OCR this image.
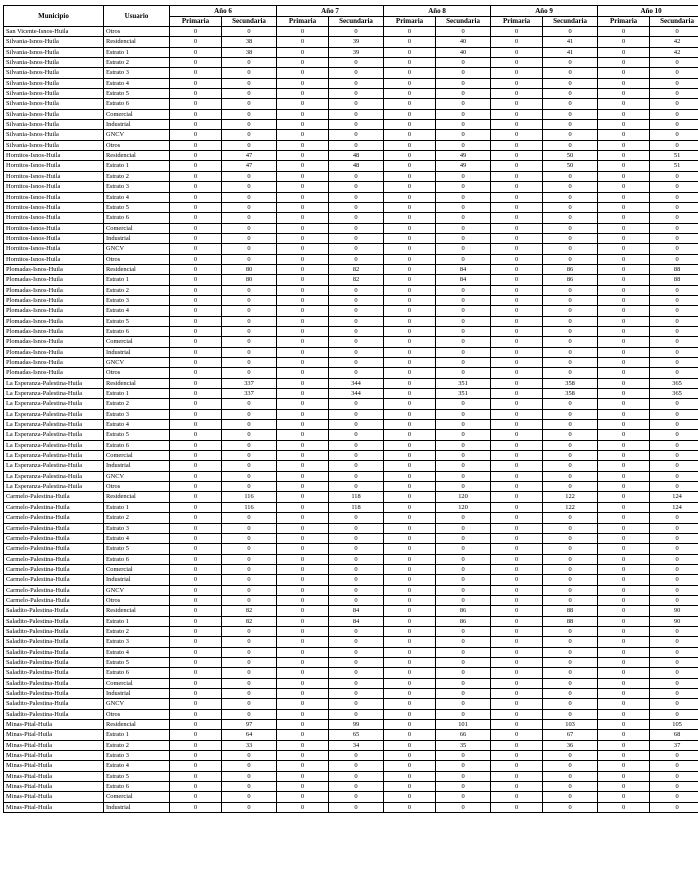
Municipio	Usuario	Año 6		Año 7		Año 8		Año 9		Año 10	
		Primaria	Secundaria	Primaria	Secundaria	Primaria	Secundaria	Primaria	Secundaria	Primaria	Secundaria
San Vicente-Isnos-Huila	Otros	0	0	0	0	0	0	0	0	0	0
Silvania-Isnos-Huila	Residencial	0	38	0	39	0	40	0	41	0	42
Silvania-Isnos-Huila	Estrato 1	0	38	0	39	0	40	0	41	0	42
Silvania-Isnos-Huila	Estrato 2	0	0	0	0	0	0	0	0	0	0
Silvania-Isnos-Huila	Estrato 3	0	0	0	0	0	0	0	0	0	0
Silvania-Isnos-Huila	Estrato 4	0	0	0	0	0	0	0	0	0	0
Silvania-Isnos-Huila	Estrato 5	0	0	0	0	0	0	0	0	0	0
Silvania-Isnos-Huila	Estrato 6	0	0	0	0	0	0	0	0	0	0
Silvania-Isnos-Huila	Comercial	0	0	0	0	0	0	0	0	0	0
Silvania-Isnos-Huila	Industrial	0	0	0	0	0	0	0	0	0	0
Silvania-Isnos-Huila	GNCV	0	0	0	0	0	0	0	0	0	0
Silvania-Isnos-Huila	Otros	0	0	0	0	0	0	0	0	0	0
Hornitos-Isnos-Huila	Residencial	0	47	0	48	0	49	0	50	0	51
Hornitos-Isnos-Huila	Estrato 1	0	47	0	48	0	49	0	50	0	51
Hornitos-Isnos-Huila	Estrato 2	0	0	0	0	0	0	0	0	0	0
Hornitos-Isnos-Huila	Estrato 3	0	0	0	0	0	0	0	0	0	0
Hornitos-Isnos-Huila	Estrato 4	0	0	0	0	0	0	0	0	0	0
Hornitos-Isnos-Huila	Estrato 5	0	0	0	0	0	0	0	0	0	0
Hornitos-Isnos-Huila	Estrato 6	0	0	0	0	0	0	0	0	0	0
Hornitos-Isnos-Huila	Comercial	0	0	0	0	0	0	0	0	0	0
Hornitos-Isnos-Huila	Industrial	0	0	0	0	0	0	0	0	0	0
Hornitos-Isnos-Huila	GNCV	0	0	0	0	0	0	0	0	0	0
Hornitos-Isnos-Huila	Otros	0	0	0	0	0	0	0	0	0	0
Plomadas-Isnos-Huila	Residencial	0	80	0	82	0	84	0	86	0	88
Plomadas-Isnos-Huila	Estrato 1	0	80	0	82	0	84	0	86	0	88
Plomadas-Isnos-Huila	Estrato 2	0	0	0	0	0	0	0	0	0	0
Plomadas-Isnos-Huila	Estrato 3	0	0	0	0	0	0	0	0	0	0
Plomadas-Isnos-Huila	Estrato 4	0	0	0	0	0	0	0	0	0	0
Plomadas-Isnos-Huila	Estrato 5	0	0	0	0	0	0	0	0	0	0
Plomadas-Isnos-Huila	Estrato 6	0	0	0	0	0	0	0	0	0	0
Plomadas-Isnos-Huila	Comercial	0	0	0	0	0	0	0	0	0	0
Plomadas-Isnos-Huila	Industrial	0	0	0	0	0	0	0	0	0	0
Plomadas-Isnos-Huila	GNCV	0	0	0	0	0	0	0	0	0	0
Plomadas-Isnos-Huila	Otros	0	0	0	0	0	0	0	0	0	0
La Esperanza-Palestina-Huila	Residencial	0	337	0	344	0	351	0	358	0	365
La Esperanza-Palestina-Huila	Estrato 1	0	337	0	344	0	351	0	358	0	365
La Esperanza-Palestina-Huila	Estrato 2	0	0	0	0	0	0	0	0	0	0
La Esperanza-Palestina-Huila	Estrato 3	0	0	0	0	0	0	0	0	0	0
La Esperanza-Palestina-Huila	Estrato 4	0	0	0	0	0	0	0	0	0	0
La Esperanza-Palestina-Huila	Estrato 5	0	0	0	0	0	0	0	0	0	0
La Esperanza-Palestina-Huila	Estrato 6	0	0	0	0	0	0	0	0	0	0
La Esperanza-Palestina-Huila	Comercial	0	0	0	0	0	0	0	0	0	0
La Esperanza-Palestina-Huila	Industrial	0	0	0	0	0	0	0	0	0	0
La Esperanza-Palestina-Huila	GNCV	0	0	0	0	0	0	0	0	0	0
La Esperanza-Palestina-Huila	Otros	0	0	0	0	0	0	0	0	0	0
Carmelo-Palestina-Huila	Residencial	0	116	0	118	0	120	0	122	0	124
Carmelo-Palestina-Huila	Estrato 1	0	116	0	118	0	120	0	122	0	124
Carmelo-Palestina-Huila	Estrato 2	0	0	0	0	0	0	0	0	0	0
Carmelo-Palestina-Huila	Estrato 3	0	0	0	0	0	0	0	0	0	0
Carmelo-Palestina-Huila	Estrato 4	0	0	0	0	0	0	0	0	0	0
Carmelo-Palestina-Huila	Estrato 5	0	0	0	0	0	0	0	0	0	0
Carmelo-Palestina-Huila	Estrato 6	0	0	0	0	0	0	0	0	0	0
Carmelo-Palestina-Huila	Comercial	0	0	0	0	0	0	0	0	0	0
Carmelo-Palestina-Huila	Industrial	0	0	0	0	0	0	0	0	0	0
Carmelo-Palestina-Huila	GNCV	0	0	0	0	0	0	0	0	0	0
Carmelo-Palestina-Huila	Otros	0	0	0	0	0	0	0	0	0	0
Saladito-Palestina-Huila	Residencial	0	82	0	84	0	86	0	88	0	90
Saladito-Palestina-Huila	Estrato 1	0	82	0	84	0	86	0	88	0	90
Saladito-Palestina-Huila	Estrato 2	0	0	0	0	0	0	0	0	0	0
Saladito-Palestina-Huila	Estrato 3	0	0	0	0	0	0	0	0	0	0
Saladito-Palestina-Huila	Estrato 4	0	0	0	0	0	0	0	0	0	0
Saladito-Palestina-Huila	Estrato 5	0	0	0	0	0	0	0	0	0	0
Saladito-Palestina-Huila	Estrato 6	0	0	0	0	0	0	0	0	0	0
Saladito-Palestina-Huila	Comercial	0	0	0	0	0	0	0	0	0	0
Saladito-Palestina-Huila	Industrial	0	0	0	0	0	0	0	0	0	0
Saladito-Palestina-Huila	GNCV	0	0	0	0	0	0	0	0	0	0
Saladito-Palestina-Huila	Otros	0	0	0	0	0	0	0	0	0	0
Minas-Pital-Huila	Residencial	0	97	0	99	0	101	0	103	0	105
Minas-Pital-Huila	Estrato 1	0	64	0	65	0	66	0	67	0	68
Minas-Pital-Huila	Estrato 2	0	33	0	34	0	35	0	36	0	37
Minas-Pital-Huila	Estrato 3	0	0	0	0	0	0	0	0	0	0
Minas-Pital-Huila	Estrato 4	0	0	0	0	0	0	0	0	0	0
Minas-Pital-Huila	Estrato 5	0	0	0	0	0	0	0	0	0	0
Minas-Pital-Huila	Estrato 6	0	0	0	0	0	0	0	0	0	0
Minas-Pital-Huila	Comercial	0	0	0	0	0	0	0	0	0	0
Minas-Pital-Huila	Industrial	0	0	0	0	0	0	0	0	0	0
